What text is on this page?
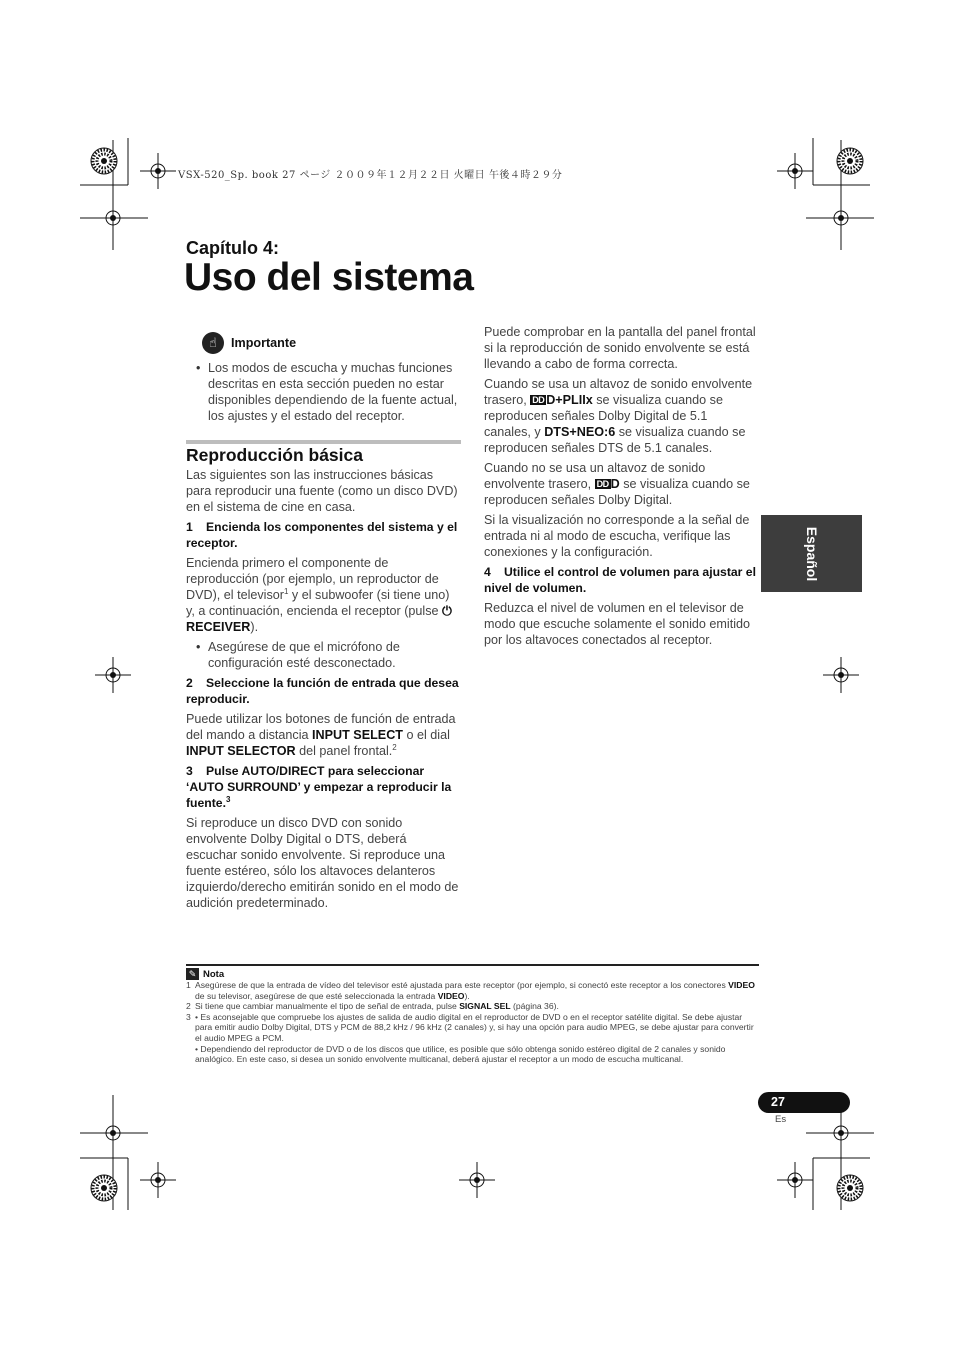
VSX-520_Sp. book 27 ページ ２００９年１２月２２日 火曜日 午後４時２９分
Capítulo 4:
Uso del sistema
☝	Importante

• Los modos de escucha y muchas funciones descritas en esta sección pueden no estar disponibles dependiendo de la fuente actual, los ajustes y el estado del receptor.

Reproducción básica

Las siguientes son las instrucciones básicas para reproducir una fuente (como un disco DVD) en el sistema de cine en casa.

1 Encienda los componentes del sistema y el receptor.

Encienda primero el componente de reproducción (por ejemplo, un reproductor de DVD), el televisor$^1$ y el subwoofer (si tiene uno) y, a continuación, encienda el receptor (pulse ⏻ RECEIVER).

• Asegúrese de que el micrófono de configuración esté desconectado.

2 Seleccione la función de entrada que desea reproducir.

Puede utilizar los botones de función de entrada del mando a distancia INPUT SELECT o el dial INPUT SELECTOR del panel frontal.$^2$

3 Pulse AUTO/DIRECT para seleccionar ‘AUTO SURROUND’ y empezar a reproducir la fuente.$^3$

Si reproduce un disco DVD con sonido envolvente Dolby Digital o DTS, deberá escuchar sonido envolvente. Si reproduce una fuente estéreo, sólo los altavoces delanteros izquierdo/derecho emitirán sonido en el modo de audición predeterminado.

Puede comprobar en la pantalla del panel frontal si la reproducción de sonido envolvente se está llevando a cabo de forma correcta.

Cuando se usa un altavoz de sonido envolvente trasero, DD D+PLIIx se visualiza cuando se reproducen señales Dolby Digital de 5.1 canales, y DTS+NEO:6 se visualiza cuando se reproducen señales DTS de 5.1 canales.

Cuando no se usa un altavoz de sonido envolvente trasero, DD D se visualiza cuando se reproducen señales Dolby Digital.

Si la visualización no corresponde a la señal de entrada ni al modo de escucha, verifique las conexiones y la configuración.

4 Utilice el control de volumen para ajustar el nivel de volumen.

Reduzca el nivel de volumen en el televisor de modo que escuche solamente el sonido emitido por los altavoces conectados al receptor.

Español
✎ Nota

1 Asegúrese de que la entrada de vídeo del televisor esté ajustada para este receptor (por ejemplo, si conectó este receptor a los conectores VIDEO de su televisor, asegúrese de que esté seleccionada la entrada VIDEO).

2 Si tiene que cambiar manualmente el tipo de señal de entrada, pulse SIGNAL SEL (página 36).

3 • Es aconsejable que compruebe los ajustes de salida de audio digital en el reproductor de DVD o en el receptor satélite digital. Se debe ajustar para emitir audio Dolby Digital, DTS y PCM de 88,2 kHz / 96 kHz (2 canales) y, si hay una opción para audio MPEG, se debe ajustar para convertir el audio MPEG a PCM.
• Dependiendo del reproductor de DVD o de los discos que utilice, es posible que sólo obtenga sonido estéreo digital de 2 canales y sonido analógico. En este caso, si desea un sonido envolvente multicanal, deberá ajustar el receptor a un modo de escucha multicanal.

27
Es
